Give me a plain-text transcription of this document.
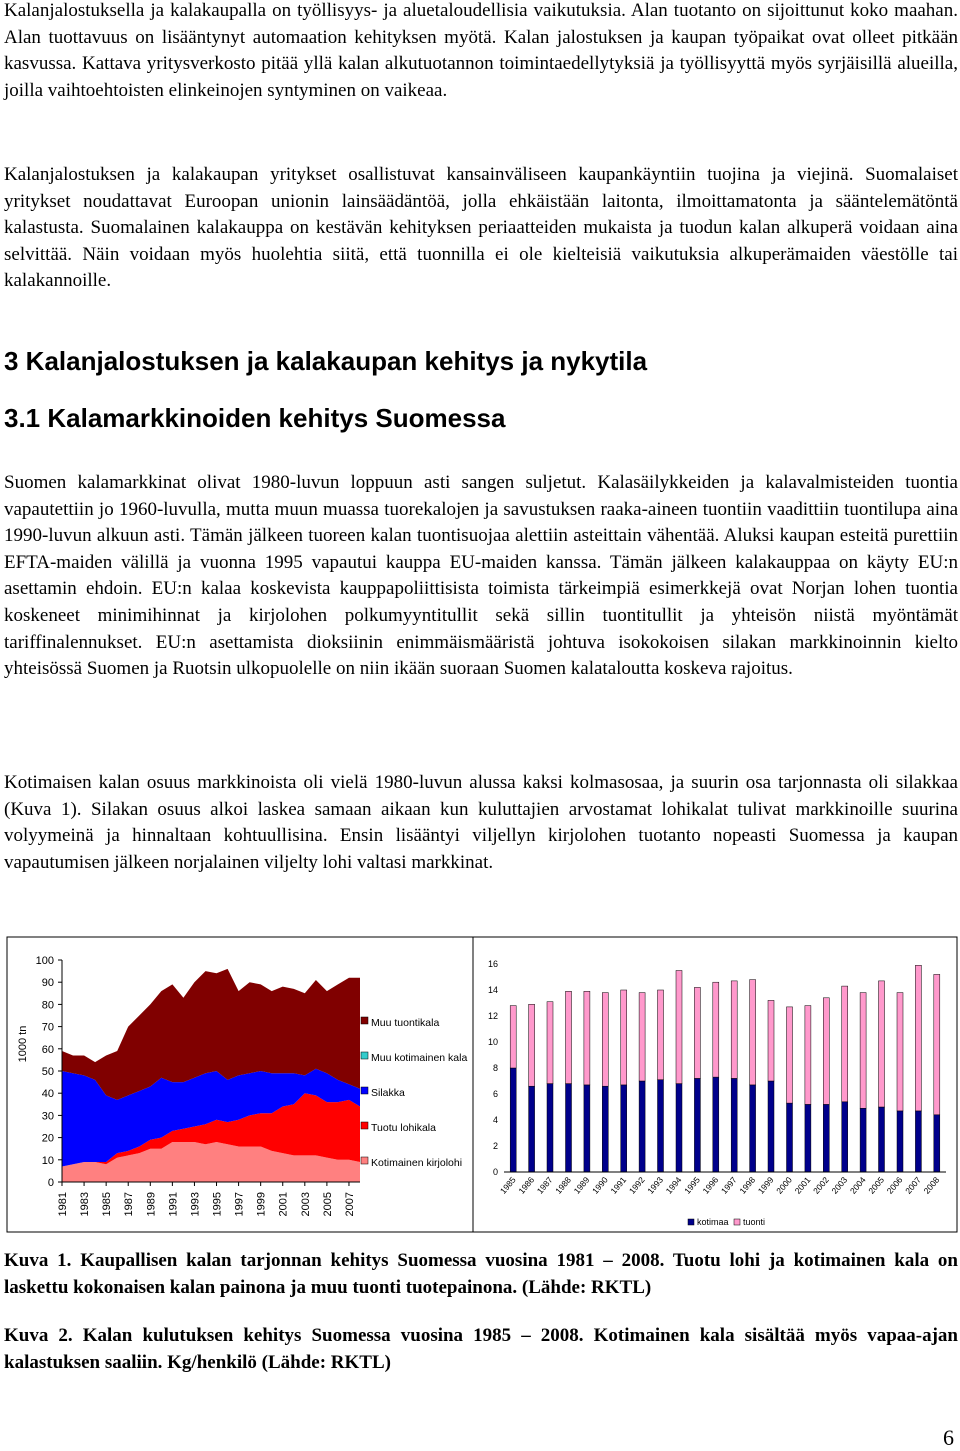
Kalanjalostuksella ja kalakaupalla on työllisyys- ja aluetaloudellisia vaikutuksia. Alan tuotanto on sijoittunut koko maahan. Alan tuottavuus on lisääntynyt automaation kehityksen myötä. Kalan jalostuksen ja kaupan työpaikat ovat olleet pitkään kasvussa. Kattava yritysverkosto pitää yllä kalan alkutuotannon toimintaedellytyksiä ja työllisyyttä myös syrjäisillä alueilla, joilla vaihtoehtoisten elinkeinojen syntyminen on vaikeaa.

Kalanjalostuksen ja kalakaupan yritykset osallistuvat kansainväliseen kaupankäyntiin tuojina ja viejinä. Suomalaiset yritykset noudattavat Euroopan unionin lainsäädäntöä, jolla ehkäistään laitonta, ilmoittamatonta ja sääntelemätöntä kalastusta. Suomalainen kalakauppa on kestävän kehityksen periaatteiden mukaista ja tuodun kalan alkuperä voidaan aina selvittää. Näin voidaan myös huolehtia siitä, että tuonnilla ei ole kielteisiä vaikutuksia alkuperämaiden väestölle tai kalakannoille.

3 Kalanjalostuksen ja kalakaupan kehitys ja nykytila
3.1 Kalamarkkinoiden kehitys Suomessa

Suomen kalamarkkinat olivat 1980-luvun loppuun asti sangen suljetut. Kalasäilykkeiden ja kalavalmisteiden tuontia vapautettiin jo 1960-luvulla, mutta muun muassa tuorekalojen ja savustuksen raaka-aineen tuontiin vaadittiin tuontilupa aina 1990-luvun alkuun asti. Tämän jälkeen tuoreen kalan tuontisuojaa alettiin asteittain vähentää. Aluksi kaupan esteitä purettiin EFTA-maiden välillä ja vuonna 1995 vapautui kauppa EU-maiden kanssa. Tämän jälkeen kalakauppaa on käyty EU:n asettamin ehdoin. EU:n kalaa koskevista kauppapoliittisista toimista tärkeimpiä esimerkkejä ovat Norjan lohen tuontia koskeneet minimihinnat ja kirjolohen polkumyyntitullit sekä sillin tuontitullit ja yhteisön niistä myöntämät tariffinalennukset. EU:n asettamista dioksiinin enimmäismääristä johtuva isokokoisen silakan markkinoinnin kielto yhteisössä Suomen ja Ruotsin ulkopuolelle on niin ikään suoraan Suomen kalataloutta koskeva rajoitus.

Kotimaisen kalan osuus markkinoista oli vielä 1980-luvun alussa kaksi kolmasosaa, ja suurin osa tarjonnasta oli silakkaa (Kuva 1). Silakan osuus alkoi laskea samaan aikaan kun kuluttajien arvostamat lohikalat tulivat markkinoille suurina volyymeinä ja hinnaltaan kohtuullisina. Ensin lisääntyi viljellyn kirjolohen tuotanto nopeasti Suomessa ja kaupan vapautumisen jälkeen norjalainen viljelty lohi valtasi markkinat.

1000 tn
0
10
20
30
40
50
60
70
80
90
100
1981 1983 1985 1987 1989 1991 1993 1995 1997 1999 2001 2003 2005 2007
Muu tuontikala
Muu kotimainen kala
Silakka
Tuotu lohikala
Kotimainen kirjolohi
0
2
4
6
8
10
12
14
16
1985
1986
1987
1988
1989
1990
1991
1992
1993
1994
1995
1996
1997
1998
1999
2000
2001
2002
2003
2004
2005
2006
2007
2008
kotimaa tuonti

Kuva 1. Kaupallisen kalan tarjonnan kehitys Suomessa vuosina 1981 – 2008. Tuotu lohi ja kotimainen kala on laskettu kokonaisen kalan painona ja muu tuonti tuotepainona. (Lähde: RKTL)

Kuva 2. Kalan kulutuksen kehitys Suomessa vuosina 1985 – 2008. Kotimainen kala sisältää myös vapaa-ajan kalastuksen saaliin. Kg/henkilö (Lähde: RKTL)

6
